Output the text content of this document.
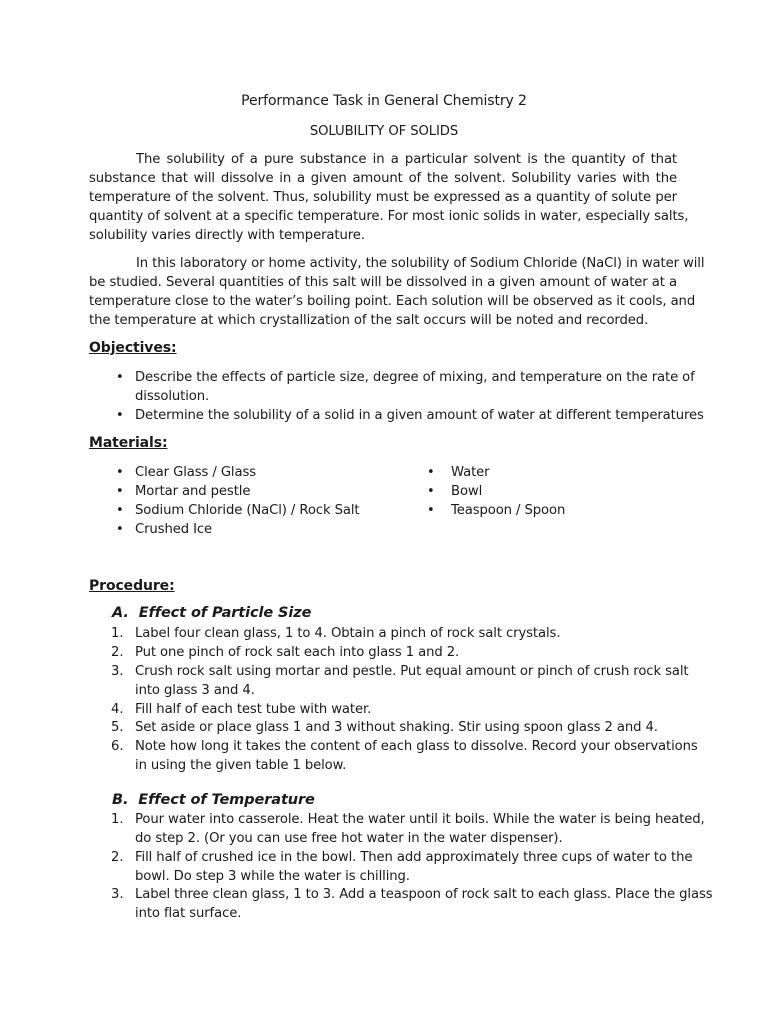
Performance Task in General Chemistry 2
SOLUBILITY OF SOLIDS
The solubility of a pure substance in a particular solvent is the quantity of that
substance that will dissolve in a given amount of the solvent. Solubility varies with the
temperature of the solvent. Thus, solubility must be expressed as a quantity of solute per
quantity of solvent at a specific temperature. For most ionic solids in water, especially salts,
solubility varies directly with temperature.
In this laboratory or home activity, the solubility of Sodium Chloride (NaCl) in water will
be studied. Several quantities of this salt will be dissolved in a given amount of water at a
temperature close to the water’s boiling point. Each solution will be observed as it cools, and
the temperature at which crystallization of the salt occurs will be noted and recorded.
Objectives:
• Describe the effects of particle size, degree of mixing, and temperature on the rate of
dissolution.
• Determine the solubility of a solid in a given amount of water at different temperatures
Materials:
• Clear Glass / Glass
• Mortar and pestle
• Sodium Chloride (NaCl) / Rock Salt
• Crushed Ice
• Water
• Bowl
• Teaspoon / Spoon
Procedure:
A. Effect of Particle Size
1. Label four clean glass, 1 to 4. Obtain a pinch of rock salt crystals.
2. Put one pinch of rock salt each into glass 1 and 2.
3. Crush rock salt using mortar and pestle. Put equal amount or pinch of crush rock salt
into glass 3 and 4.
4. Fill half of each test tube with water.
5. Set aside or place glass 1 and 3 without shaking. Stir using spoon glass 2 and 4.
6. Note how long it takes the content of each glass to dissolve. Record your observations
in using the given table 1 below.
B. Effect of Temperature
1. Pour water into casserole. Heat the water until it boils. While the water is being heated,
do step 2. (Or you can use free hot water in the water dispenser).
2. Fill half of crushed ice in the bowl. Then add approximately three cups of water to the
bowl. Do step 3 while the water is chilling.
3. Label three clean glass, 1 to 3. Add a teaspoon of rock salt to each glass. Place the glass
into flat surface.
